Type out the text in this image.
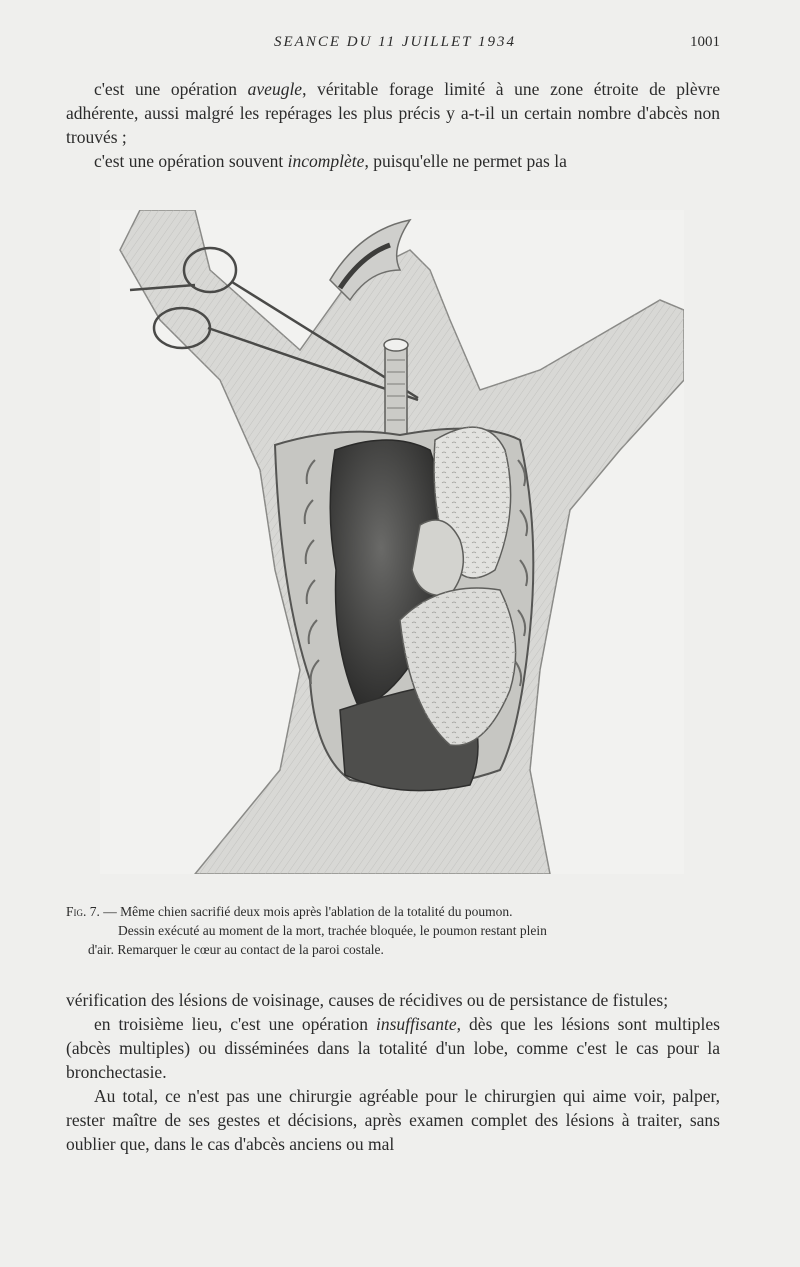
SEANCE DU 11 JUILLET 1934	1001

c'est une opération aveugle, véritable forage limité à une zone étroite de plèvre adhérente, aussi malgré les repérages les plus précis y a-t-il un certain nombre d'abcès non trouvés ;

c'est une opération souvent incomplète, puisqu'elle ne permet pas la

Fig. 7. — Même chien sacrifié deux mois après l'ablation de la totalité du poumon.
Dessin exécuté au moment de la mort, trachée bloquée, le poumon restant plein
d'air. Remarquer le cœur au contact de la paroi costale.

vérification des lésions de voisinage, causes de récidives ou de persistance de fistules;

en troisième lieu, c'est une opération insuffisante, dès que les lésions sont multiples (abcès multiples) ou disséminées dans la totalité d'un lobe, comme c'est le cas pour la bronchectasie.

Au total, ce n'est pas une chirurgie agréable pour le chirurgien qui aime voir, palper, rester maître de ses gestes et décisions, après examen complet des lésions à traiter, sans oublier que, dans le cas d'abcès anciens ou mal
